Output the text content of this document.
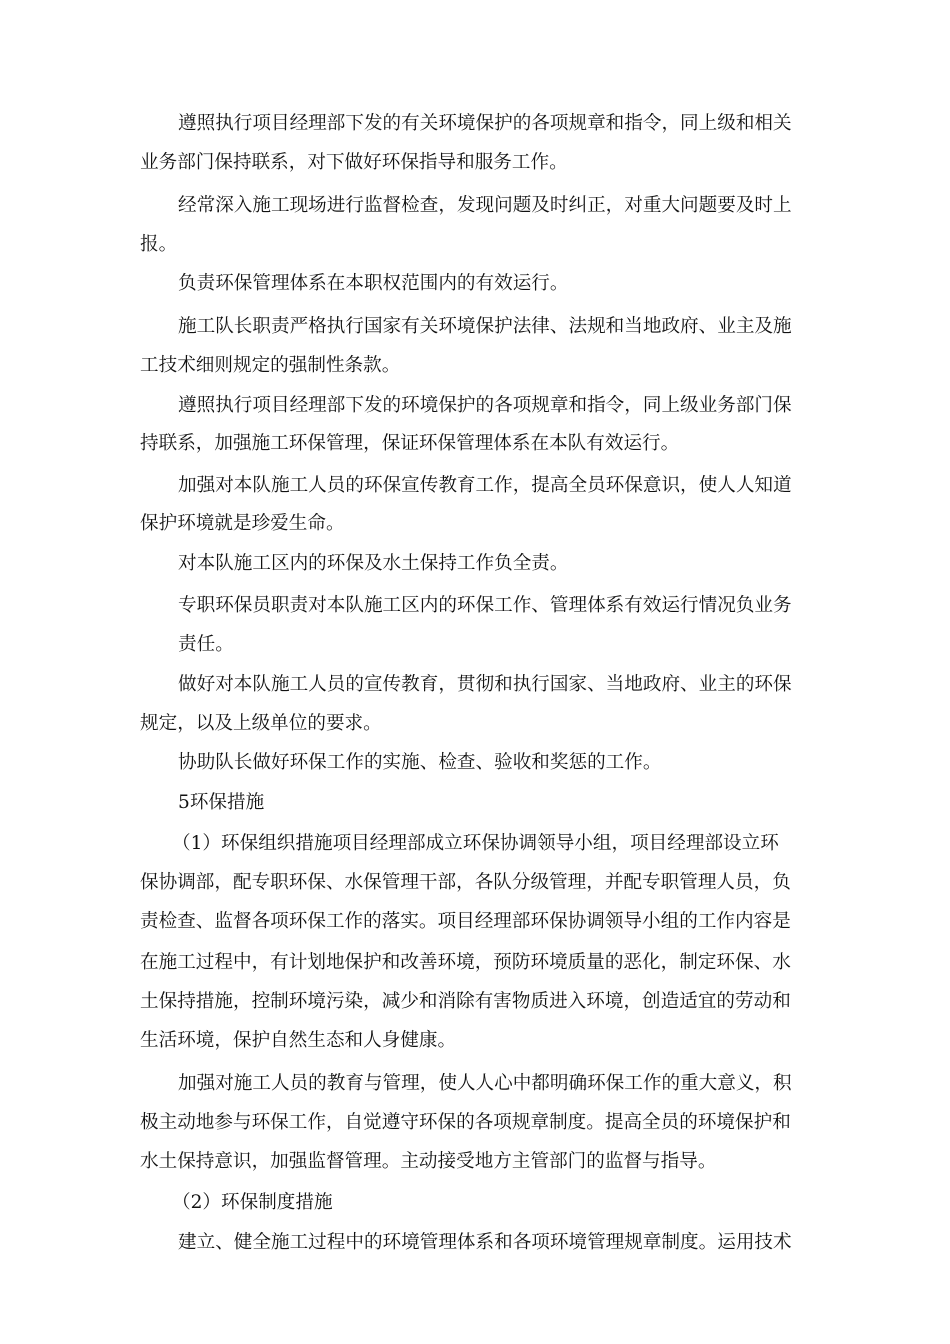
遵照执行项目经理部下发的有关环境保护的各项规章和指令，同上级和相关
业务部门保持联系，对下做好环保指导和服务工作。
经常深入施工现场进行监督检查，发现问题及时纠正，对重大问题要及时上
报。
负责环保管理体系在本职权范围内的有效运行。
施工队长职责严格执行国家有关环境保护法律、法规和当地政府、业主及施
工技术细则规定的强制性条款。
遵照执行项目经理部下发的环境保护的各项规章和指令，同上级业务部门保
持联系，加强施工环保管理，保证环保管理体系在本队有效运行。
加强对本队施工人员的环保宣传教育工作，提高全员环保意识，使人人知道
保护环境就是珍爱生命。
对本队施工区内的环保及水土保持工作负全责。
专职环保员职责对本队施工区内的环保工作、管理体系有效运行情况负业务
责任。
做好对本队施工人员的宣传教育，贯彻和执行国家、当地政府、业主的环保
规定，以及上级单位的要求。
协助队长做好环保工作的实施、检查、验收和奖惩的工作。
5环保措施
（1）环保组织措施项目经理部成立环保协调领导小组，项目经理部设立环
保协调部，配专职环保、水保管理干部，各队分级管理，并配专职管理人员，负
责检查、监督各项环保工作的落实。项目经理部环保协调领导小组的工作内容是
在施工过程中，有计划地保护和改善环境，预防环境质量的恶化，制定环保、水
土保持措施，控制环境污染，减少和消除有害物质进入环境，创造适宜的劳动和
生活环境，保护自然生态和人身健康。
加强对施工人员的教育与管理，使人人心中都明确环保工作的重大意义，积
极主动地参与环保工作，自觉遵守环保的各项规章制度。提高全员的环境保护和
水土保持意识，加强监督管理。主动接受地方主管部门的监督与指导。
（2）环保制度措施
建立、健全施工过程中的环境管理体系和各项环境管理规章制度。运用技术
